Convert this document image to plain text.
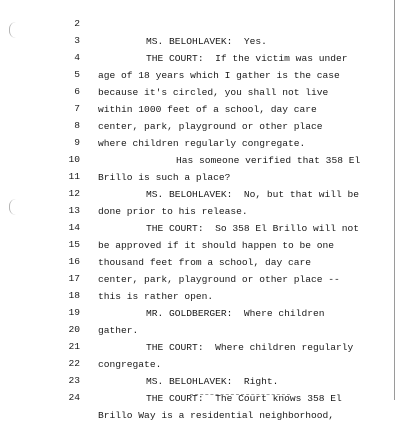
2

MS. BELOHLAVEK:  Yes.

3

THE COURT:  If the victim was under

4

age of 18 years which I gather is the case

5

because it's circled, you shall not live

6

within 1000 feet of a school, day care

7

center, park, playground or other place

8

where children regularly congregate.

9

Has someone verified that 358 El

10

Brillo is such a place?

11

MS. BELOHLAVEK:  No, but that will be

12

done prior to his release.

13

THE COURT:  So 358 El Brillo will not

14

be approved if it should happen to be one

15

thousand feet from a school, day care

16

center, park, playground or other place --

17

this is rather open.

18

MR. GOLDBERGER:  Where children

19

gather.

20

THE COURT:  Where children regularly

21

congregate.

22

MS. BELOHLAVEK:  Right.

23

THE COURT:  The Court knows 358 El

24

Brillo Way is a residential neighborhood,
